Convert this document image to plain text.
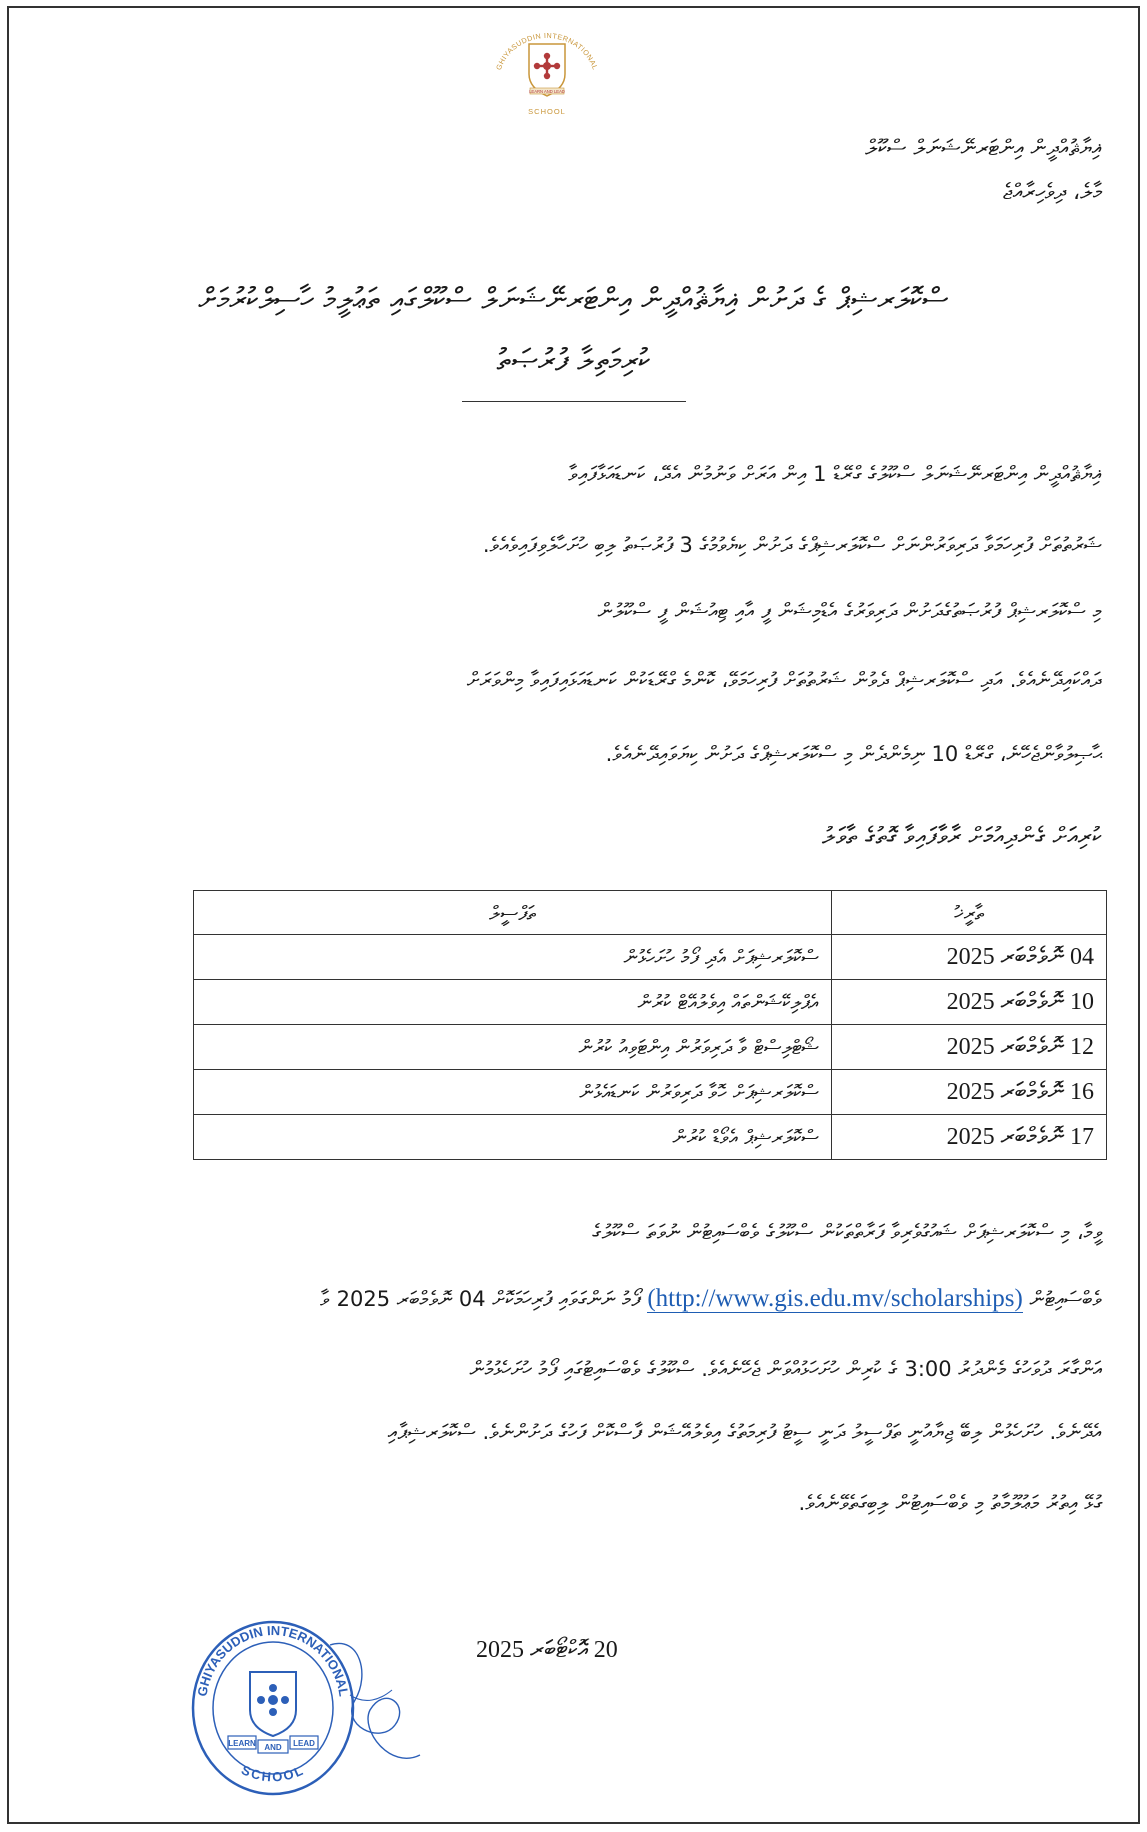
GHIYASUDDIN INTERNATIONAL
LEARN AND LEAD
SCHOOL
ޣިޔާޘުއްދީން އިންޓަރނޭޝަނަލް ސްކޫލް
މާލެ، ދިވެހިރާއްޖެ
ސްކޮލަރޝިޕް ގެ ދަށުން ޣިޔާޘުއްދީން އިންޓަރނޭޝަނަލް ސްކޫލްގައި ތަޢުލީމު ހާސިލްކުރުމަށް
ކުރިމަތިލާ ފުރުޞަތު
ޣިޔާޘުއްދީން އިންޓަރނޭޝަނަލް ސްކޫލުގެ ގްރޭޑް 1 އިން އަރަށް ވަނުމުން އެދޭ، ކަނޑައަޅާފައިވާ
ޝަރުތުތަށް ފުރިހަމަވާ ދަރިވަރުންނަށް ސްކޮލަރޝިޕްގެ ދަށުން ކިޔެވުމުގެ 3 ފުރުޞަތު ލިބި ހުށަހާލެވިފައިވެއެވެ.
މި ސްކޮލަރޝިޕް ފުރުޞަތުގެދަށުން ދަރިވަރުގެ އެޑްމިޝަން ފީ އާއި ޓިއުޝަން ފީ ސްކޫލުން
ދައްކައިދޭނެއެވެ. އަދި ސްކޮލަރޝިޕް ދެވުން ޝަރުތުތަށް ފުރިހަމަވޭ، ކޮންމެ ގްރޭޑަކުން ކަނޑައަޅައިފައިވާ މިންވަރަށް
ޙާޞިލުވާންޖެހޭނެ، ގްރޭޑް 10 ނިމެންދެން މި ސްކޮލަރޝިޕްގެ ދަށުން ކިޔަވައިދޭނެއެވެ.
ކުރިއަށް ގެންދިއުމަށް ރާވާފައިވާ ގޮތުގެ ތާވަލު
ތާރީޚު	ތަފްސީލް
04 ނޮވެމްބަރ 2025	ސްކޮލަރޝިޕަށް އެދި ފޯމު ހުށަހެޅުން
10 ނޮވެމްބަރ 2025	އެޕްލިކޭޝަންތައް އިވެލުއޭޓް ކުރުން
12 ނޮވެމްބަރ 2025	ޝޯޓްލިސްޓް ވާ ދަރިވަރުން އިންޓަވިއު ކުރުން
16 ނޮވެމްބަރ 2025	ސްކޮލަރޝިޕަށް ހޮވާ ދަރިވަރުން ކަނޑައެޅުން
17 ނޮވެމްބަރ 2025	ސްކޮލަރޝިޕް އެވޯޑް ކުރުން
ވީމާ، މި ސްކޮލަރޝިޕަށް ޝައުގުވެރިވާ ފަރާތްތަކުން ސްކޫލުގެ ވެބްސައިޓުން ނުވަތަ ސްކޫލުގެ
ވެބްސައިޓުން (http://www.gis.edu.mv/scholarships) ފޯމު ނަންގަވައި ފުރިހަމަކޮށް 04 ނޮވެމްބަރ 2025 ވާ
އަންގާރަ ދުވަހުގެ މެންދުރު 3:00 ގެ ކުރިން ހުށަހަޅުއްވަން ޖެހޭނެއެވެ. ސްކޫލުގެ ވެބްސައިޓުގައި ފޯމު ހުށަހެޅުމުން
އެދޭނެވެ. ހުށަހެޅުން ލިބޭ ޖިޔާއުނީ ތަފްސީލު ދަނީ ސީޓު ފުރިމަތުގެ އިވެލުއޭޝަން ފާސްކޮށް ފަހުގެ ދަށުންނެވެ. ސްކޮލަރޝިޕާއި
ގުޅޭ އިތުރު މަޢުލޫމާތު މި ވެބްސައިޓުން ލިބިގަތެވޭނެއެވެ.
20 އޮކްޓޯބަރ 2025
GHIYASUDDIN INTERNATIONAL
LEARN AND LEAD
SCHOOL
